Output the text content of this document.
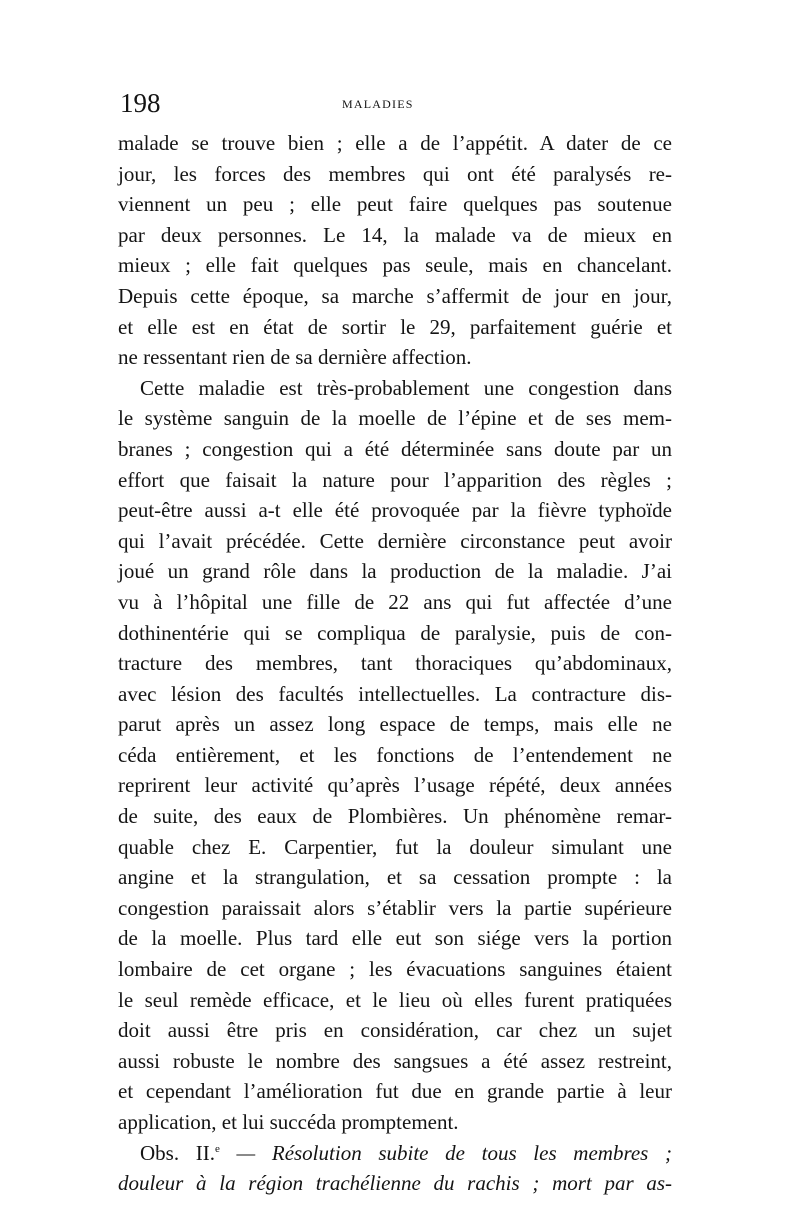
198	MALADIES
malade se trouve bien ; elle a de l’appétit. A dater de ce
jour, les forces des membres qui ont été paralysés re-
viennent un peu ; elle peut faire quelques pas soutenue
par deux personnes. Le 14, la malade va de mieux en
mieux ; elle fait quelques pas seule, mais en chancelant.
Depuis cette époque, sa marche s’affermit de jour en jour,
et elle est en état de sortir le 29, parfaitement guérie et
ne ressentant rien de sa dernière affection.
Cette maladie est très-probablement une congestion dans
le système sanguin de la moelle de l’épine et de ses mem-
branes ; congestion qui a été déterminée sans doute par un
effort que faisait la nature pour l’apparition des règles ;
peut-être aussi a-t elle été provoquée par la fièvre typhoïde
qui l’avait précédée. Cette dernière circonstance peut avoir
joué un grand rôle dans la production de la maladie. J’ai
vu à l’hôpital une fille de 22 ans qui fut affectée d’une
dothinentérie qui se compliqua de paralysie, puis de con-
tracture des membres, tant thoraciques qu’abdominaux,
avec lésion des facultés intellectuelles. La contracture dis-
parut après un assez long espace de temps, mais elle ne
céda entièrement, et les fonctions de l’entendement ne
reprirent leur activité qu’après l’usage répété, deux années
de suite, des eaux de Plombières. Un phénomène remar-
quable chez E. Carpentier, fut la douleur simulant une
angine et la strangulation, et sa cessation prompte : la
congestion paraissait alors s’établir vers la partie supérieure
de la moelle. Plus tard elle eut son siége vers la portion
lombaire de cet organe ; les évacuations sanguines étaient
le seul remède efficace, et le lieu où elles furent pratiquées
doit aussi être pris en considération, car chez un sujet
aussi robuste le nombre des sangsues a été assez restreint,
et cependant l’amélioration fut due en grande partie à leur
application, et lui succéda promptement.
Obs. II.$^e$ — Résolution subite de tous les membres ;
douleur à la région trachélienne du rachis ; mort par as-
